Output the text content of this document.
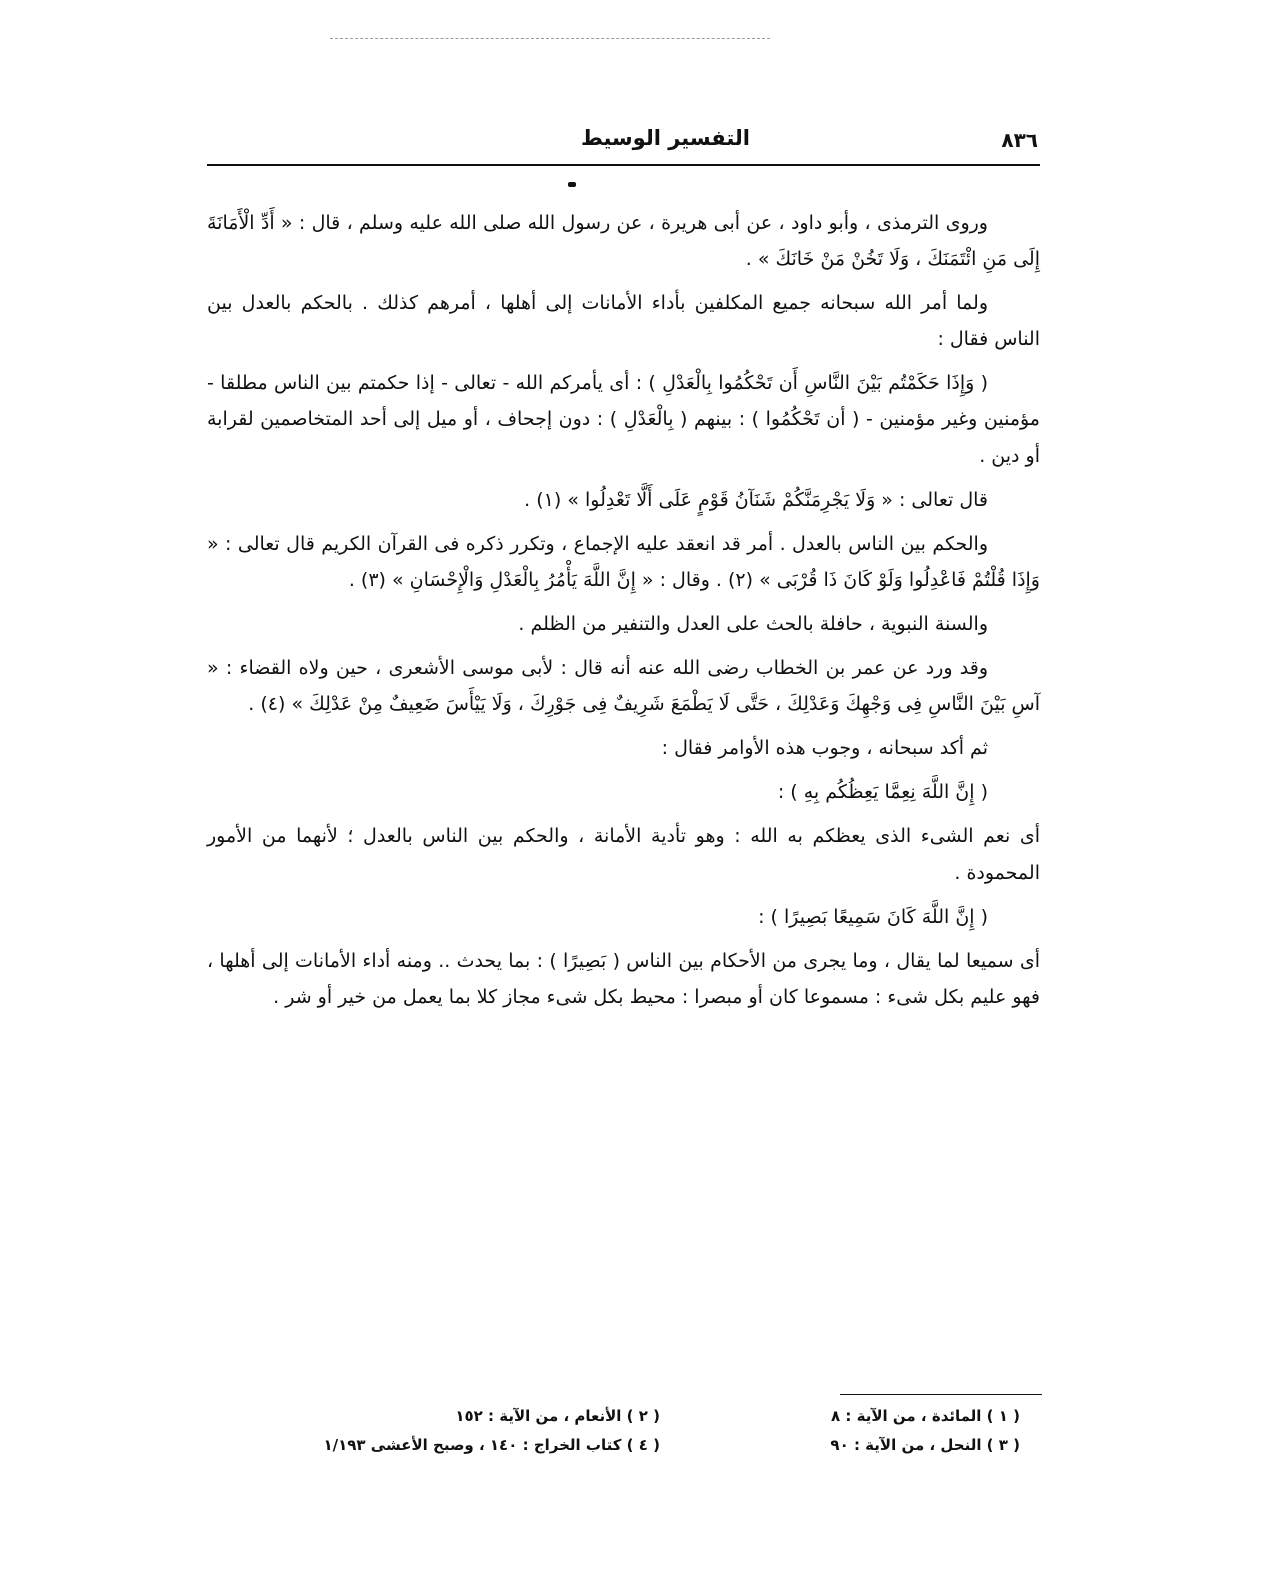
٨٣٦
التفسير الوسيط

وروى الترمذى ، وأبو داود ، عن أبى هريرة ، عن رسول الله صلى الله عليه وسلم ، قال : « أَدِّ الْأَمَانَةَ إِلَى مَنِ ائْتَمَنَكَ ، وَلَا تَخُنْ مَنْ خَانَكَ » .

ولما أمر الله سبحانه جميع المكلفين بأداء الأمانات إلى أهلها ، أمرهم كذلك . بالحكم بالعدل بين الناس فقال :

( وَإِذَا حَكَمْتُم بَيْنَ النَّاسِ أَن تَحْكُمُوا بِالْعَدْلِ ) : أى يأمركم الله - تعالى - إذا حكمتم بين الناس مطلقا - مؤمنين وغير مؤمنين - ( أن تَحْكُمُوا ) : بينهم ( بِالْعَدْلِ ) : دون إجحاف ، أو ميل إلى أحد المتخاصمين لقرابة أو دين .

قال تعالى : « وَلَا يَجْرِمَنَّكُمْ شَنَآنُ قَوْمٍ عَلَى أَلَّا تَعْدِلُوا » (١) .

والحكم بين الناس بالعدل . أمر قد انعقد عليه الإجماع ، وتكرر ذكره فى القرآن الكريم قال تعالى : « وَإِذَا قُلْتُمْ فَاعْدِلُوا وَلَوْ كَانَ ذَا قُرْبَى » (٢) . وقال : « إِنَّ اللَّهَ يَأْمُرُ بِالْعَدْلِ وَالْإِحْسَانِ » (٣) .

والسنة النبوية ، حافلة بالحث على العدل والتنفير من الظلم .

وقد ورد عن عمر بن الخطاب رضى الله عنه أنه قال : لأبى موسى الأشعرى ، حين ولاه القضاء : « آسِ بَيْنَ النَّاسِ فِى وَجْهِكَ وَعَدْلِكَ ، حَتَّى لَا يَطْمَعَ شَرِيفٌ فِى جَوْرِكَ ، وَلَا يَيْأَسَ ضَعِيفٌ مِنْ عَدْلِكَ » (٤) .

ثم أكد سبحانه ، وجوب هذه الأوامر فقال :

( إِنَّ اللَّهَ نِعِمَّا يَعِظُكُم بِهِ ) :

أى نعم الشىء الذى يعظكم به الله : وهو تأدية الأمانة ، والحكم بين الناس بالعدل ؛ لأنهما من الأمور المحمودة .

( إِنَّ اللَّهَ كَانَ سَمِيعًا بَصِيرًا ) :

أى سميعا لما يقال ، وما يجرى من الأحكام بين الناس ( بَصِيرًا ) : بما يحدث .. ومنه أداء الأمانات إلى أهلها ، فهو عليم بكل شىء : مسموعا كان أو مبصرا : محيط بكل شىء مجاز كلا بما يعمل من خير أو شر .

( ١ ) المائدة ، من الآية : ٨
( ٢ ) الأنعام ، من الآية : ١٥٢
( ٣ ) النحل ، من الآية : ٩٠
( ٤ ) كتاب الخراج : ١٤٠ ، وصبح الأعشى ١/١٩٣
